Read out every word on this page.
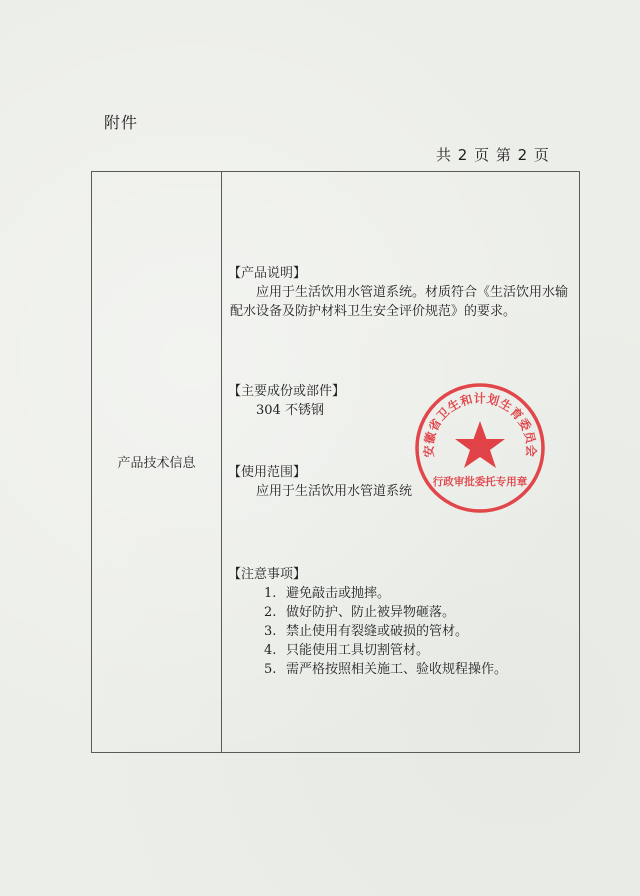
附件
共 2 页 第 2 页
产品技术信息
【产品说明】
应用于生活饮用水管道系统。材质符合《生活饮用水输配水设备及防护材料卫生安全评价规范》的要求。
【主要成份或部件】
304 不锈钢
【使用范围】
应用于生活饮用水管道系统
【注意事项】
1. 避免敲击或抛摔。
2. 做好防护、防止被异物砸落。
3. 禁止使用有裂缝或破损的管材。
4. 只能使用工具切割管材。
5. 需严格按照相关施工、验收规程操作。
安徽省卫生和计划生育委员会
行政审批委托专用章
